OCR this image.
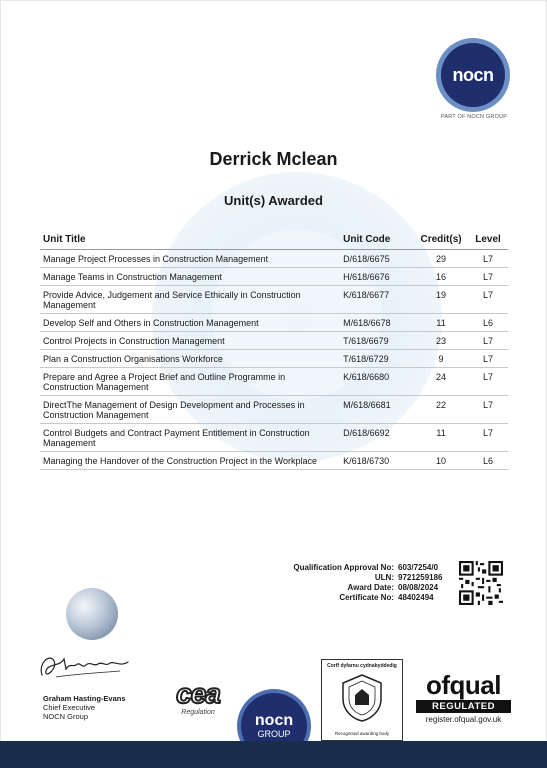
nocn
PART OF NOCN GROUP
Derrick Mclean
Unit(s) Awarded
Unit Title	Unit Code	Credit(s)	Level
Manage Project Processes in Construction Management	D/618/6675	29	L7
Manage Teams in Construction Management	H/618/6676	16	L7
Provide Advice, Judgement and Service Ethically in Construction Management	K/618/6677	19	L7
Develop Self and Others in Construction Management	M/618/6678	11	L6
Control Projects in Construction Management	T/618/6679	23	L7
Plan a Construction Organisations Workforce	T/618/6729	9	L7
Prepare and Agree a Project Brief and Outline Programme in Construction Management	K/618/6680	24	L7
DirectThe Management of Design Development and Processes in Construction Management	M/618/6681	22	L7
Control Budgets and Contract Payment Entitlement in Construction Management	D/618/6692	11	L7
Managing the Handover of the Construction Project in the Workplace	K/618/6730	10	L6
Qualification Approval No: 603/7254/0
ULN: 9721259186
Award Date: 08/08/2024
Certificate No: 48402494
Graham Hasting-Evans
Chief Executive
NOCN Group
cea
Regulation	nocn
GROUP
Corff dyfarnu cydnabyddedig
Recognised awarding body
ofqual
REGULATED
register.ofqual.gov.uk
